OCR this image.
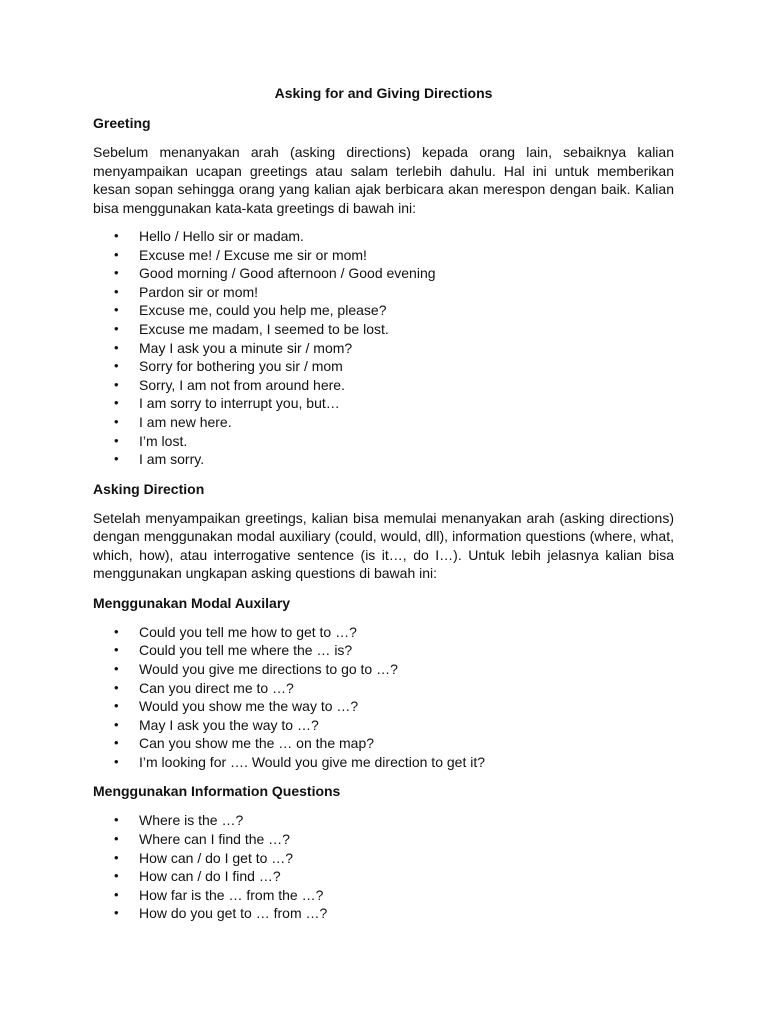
Asking for and Giving Directions
Greeting

Sebelum menanyakan arah (asking directions) kepada orang lain, sebaiknya kalian menyampaikan ucapan greetings atau salam terlebih dahulu. Hal ini untuk memberikan kesan sopan sehingga orang yang kalian ajak berbicara akan merespon dengan baik. Kalian bisa menggunakan kata-kata greetings di bawah ini:

• Hello / Hello sir or madam.
• Excuse me! / Excuse me sir or mom!
• Good morning / Good afternoon / Good evening
• Pardon sir or mom!
• Excuse me, could you help me, please?
• Excuse me madam, I seemed to be lost.
• May I ask you a minute sir / mom?
• Sorry for bothering you sir / mom
• Sorry, I am not from around here.
• I am sorry to interrupt you, but…
• I am new here.
• I’m lost.
• I am sorry.
Asking Direction

Setelah menyampaikan greetings, kalian bisa memulai menanyakan arah (asking directions) dengan menggunakan modal auxiliary (could, would, dll), information questions (where, what, which, how), atau interrogative sentence (is it…, do I…). Untuk lebih jelasnya kalian bisa menggunakan ungkapan asking questions di bawah ini:

Menggunakan Modal Auxilary
• Could you tell me how to get to …?
• Could you tell me where the … is?
• Would you give me directions to go to …?
• Can you direct me to …?
• Would you show me the way to …?
• May I ask you the way to …?
• Can you show me the … on the map?
• I’m looking for …. Would you give me direction to get it?
Menggunakan Information Questions
• Where is the …?
• Where can I find the …?
• How can / do I get to …?
• How can / do I find …?
• How far is the … from the …?
• How do you get to … from …?
